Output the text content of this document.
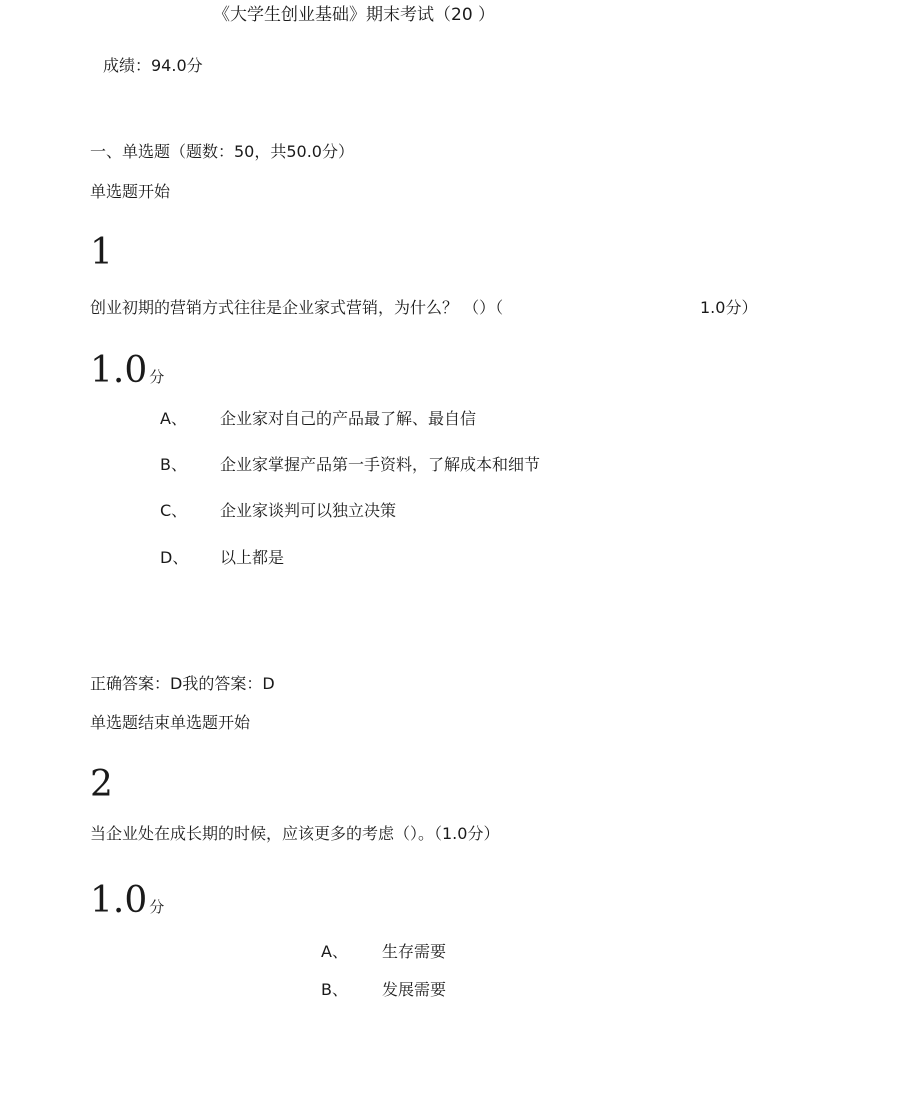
《大学生创业基础》期末考试（20 ）
成绩：94.0分
一、单选题（题数：50，共50.0分）
单选题开始
1
创业初期的营销方式往往是企业家式营销，为什么？ （）（	1.0分）
1.0 分
A、 企业家对自己的产品最了解、最自信
B、 企业家掌握产品第一手资料，了解成本和细节
C、 企业家谈判可以独立决策
D、 以上都是
正确答案：D我的答案：D
单选题结束单选题开始
2
当企业处在成长期的时候，应该更多的考虑（）。（1.0分）
1.0 分
A、 生存需要
B、 发展需要
